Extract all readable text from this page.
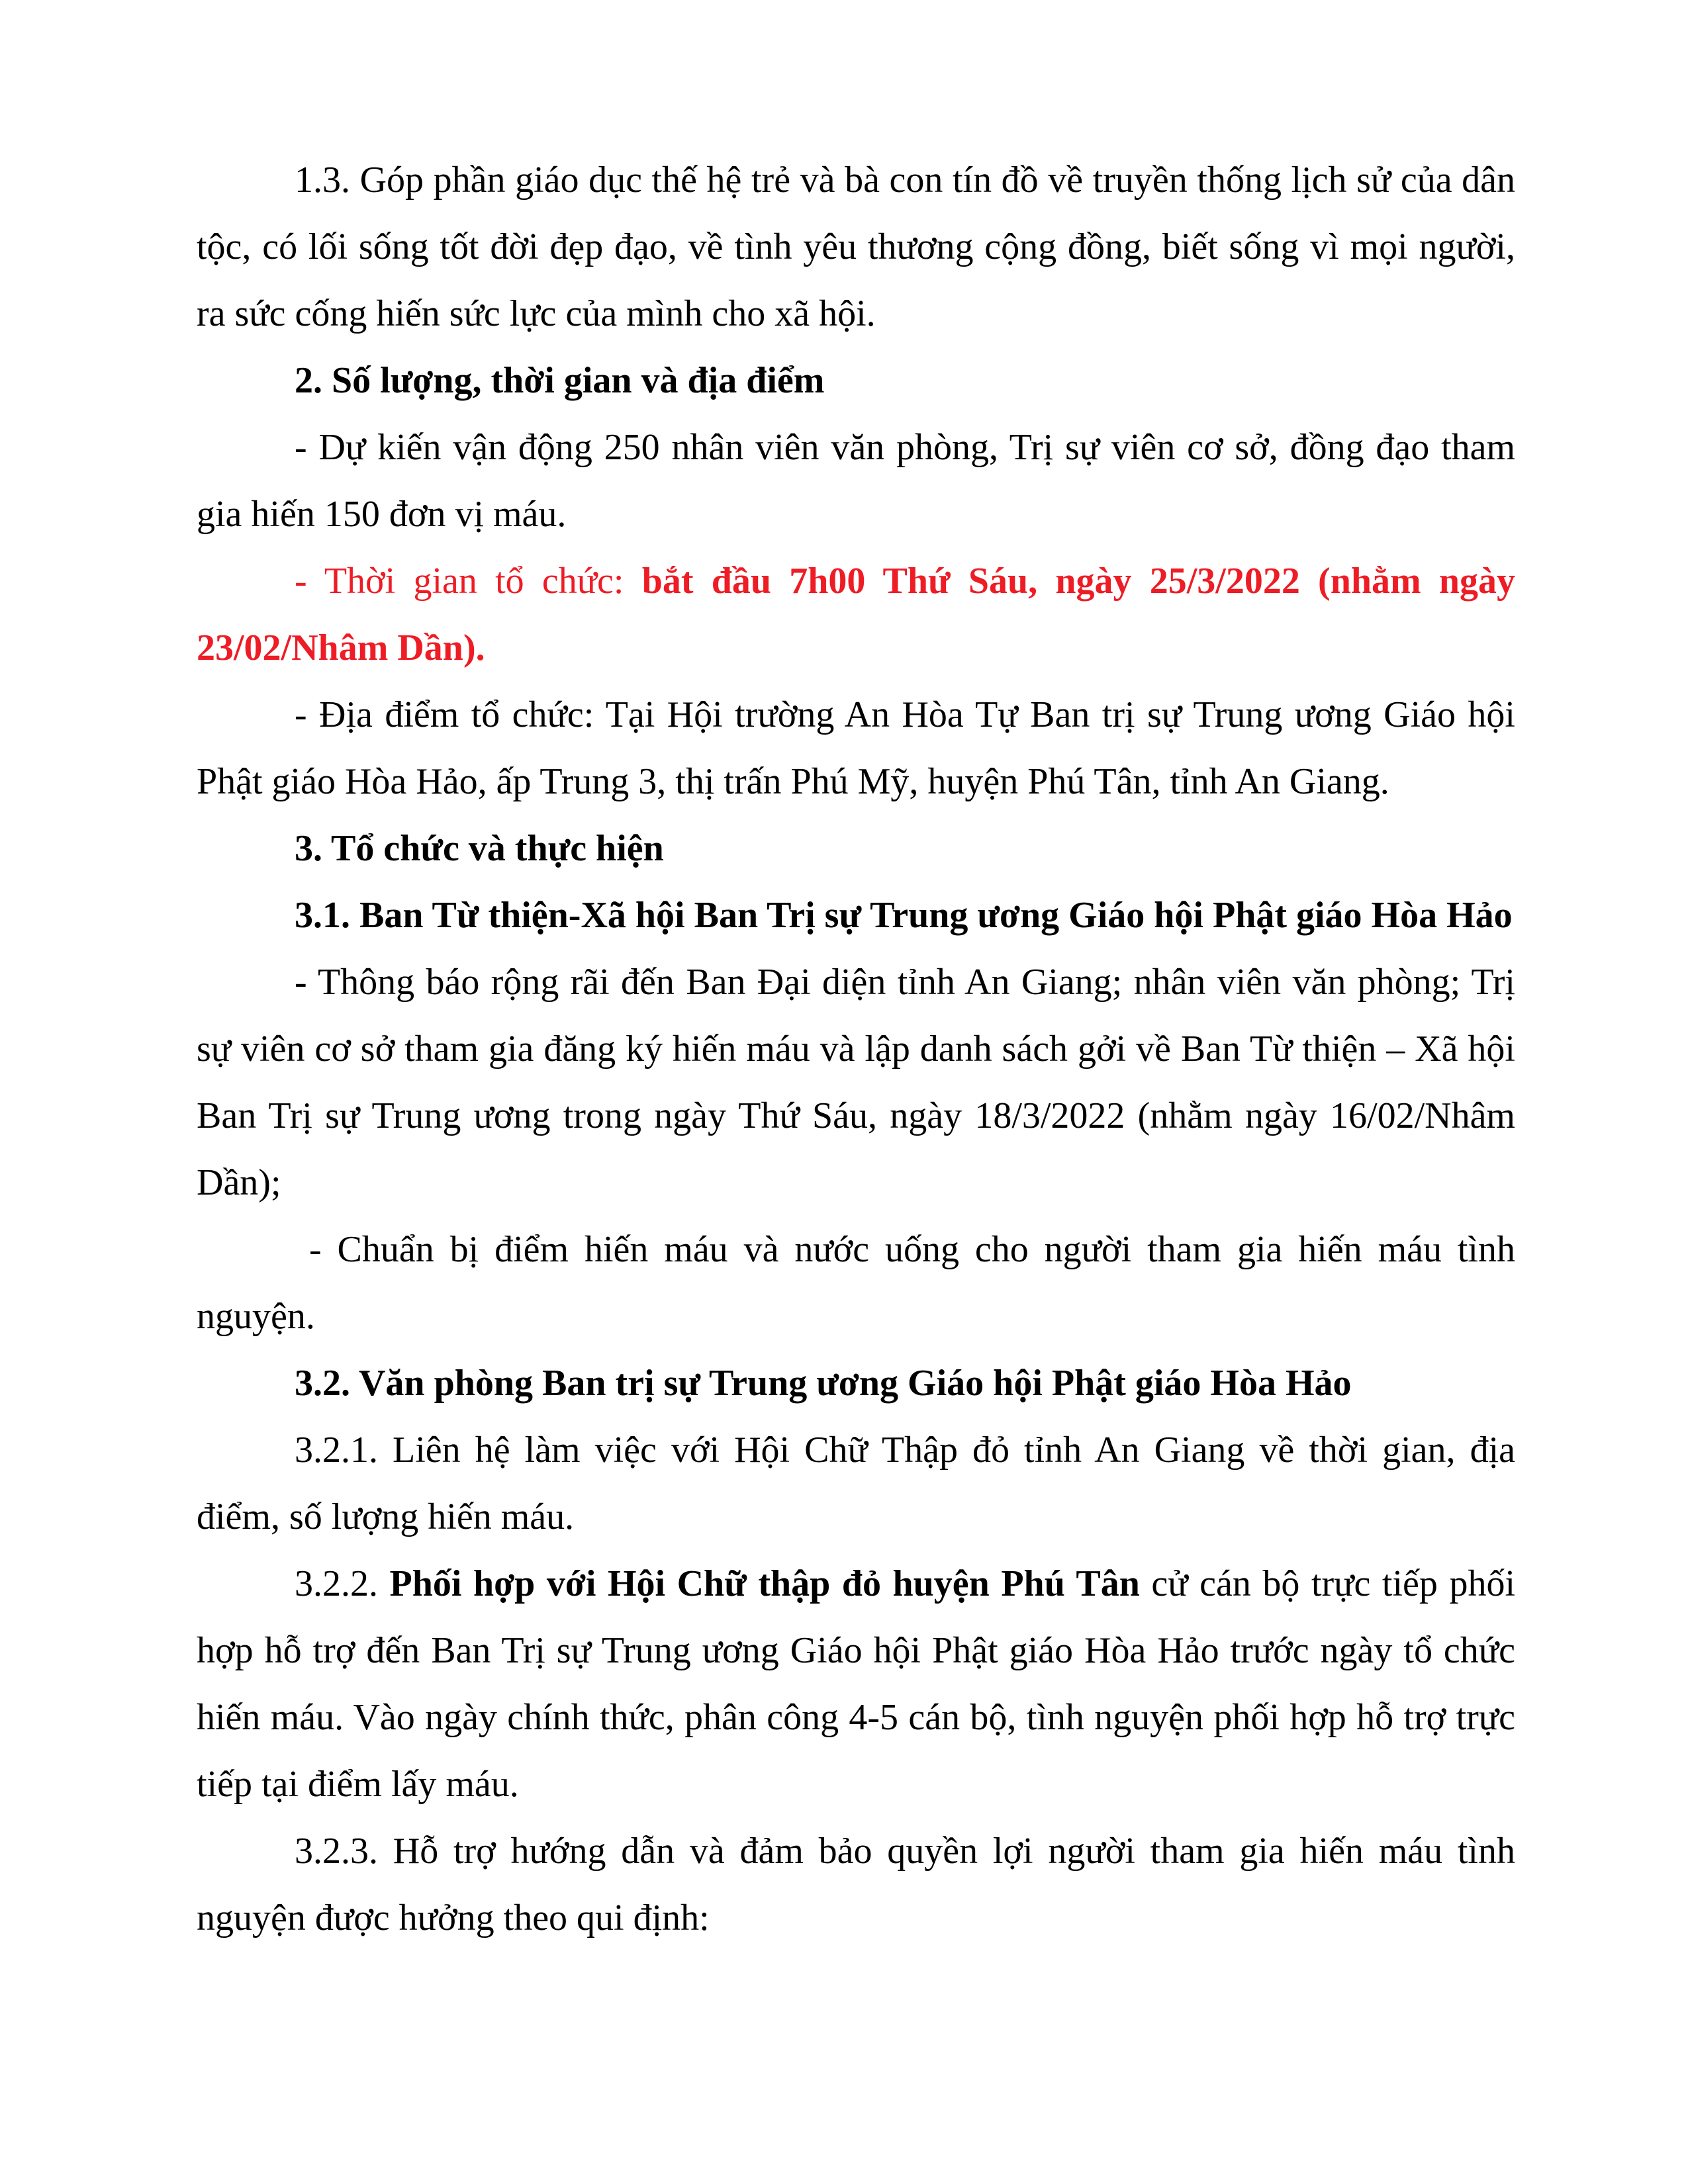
1.3. Góp phần giáo dục thế hệ trẻ và bà con tín đồ về truyền thống lịch sử của dân tộc, có lối sống tốt đời đẹp đạo, về tình yêu thương cộng đồng, biết sống vì mọi người, ra sức cống hiến sức lực của mình cho xã hội.

2. Số lượng, thời gian và địa điểm

- Dự kiến vận động 250 nhân viên văn phòng, Trị sự viên cơ sở, đồng đạo tham gia hiến 150 đơn vị máu.

- Thời gian tổ chức: bắt đầu 7h00 Thứ Sáu, ngày 25/3/2022 (nhằm ngày 23/02/Nhâm Dần).

- Địa điểm tổ chức: Tại Hội trường An Hòa Tự Ban trị sự Trung ương Giáo hội Phật giáo Hòa Hảo, ấp Trung 3, thị trấn Phú Mỹ, huyện Phú Tân, tỉnh An Giang.

3. Tổ chức và thực hiện

3.1. Ban Từ thiện-Xã hội Ban Trị sự Trung ương Giáo hội Phật giáo Hòa Hảo

- Thông báo rộng rãi đến Ban Đại diện tỉnh An Giang; nhân viên văn phòng; Trị sự viên cơ sở tham gia đăng ký hiến máu và lập danh sách gởi về Ban Từ thiện – Xã hội Ban Trị sự Trung ương trong ngày Thứ Sáu, ngày 18/3/2022 (nhằm ngày 16/02/Nhâm Dần);

- Chuẩn bị điểm hiến máu và nước uống cho người tham gia hiến máu tình nguyện.

3.2. Văn phòng Ban trị sự Trung ương Giáo hội Phật giáo Hòa Hảo

3.2.1. Liên hệ làm việc với Hội Chữ Thập đỏ tỉnh An Giang về thời gian, địa điểm, số lượng hiến máu.

3.2.2. Phối hợp với Hội Chữ thập đỏ huyện Phú Tân cử cán bộ trực tiếp phối hợp hỗ trợ đến Ban Trị sự Trung ương Giáo hội Phật giáo Hòa Hảo trước ngày tổ chức hiến máu. Vào ngày chính thức, phân công 4-5 cán bộ, tình nguyện phối hợp hỗ trợ trực tiếp tại điểm lấy máu.

3.2.3. Hỗ trợ hướng dẫn và đảm bảo quyền lợi người tham gia hiến máu tình nguyện được hưởng theo qui định:
